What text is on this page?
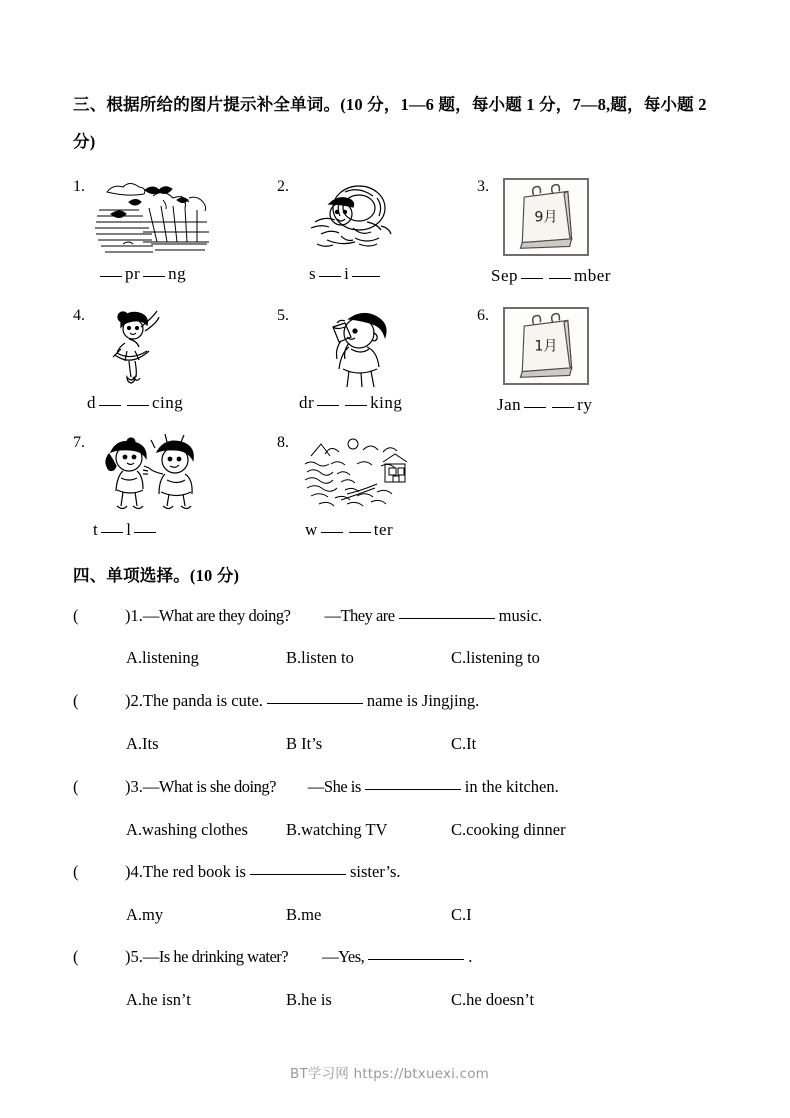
三、根据所给的图片提示补全单词。(10 分，1—6 题，每小题 1 分，7—8,题，每小题 2 分)
1.
pr ng
2.
s i
3.
9月
Sep	mber
4.
d	cing
5.
dr	king
6.
1月
Jan	ry
7.
t l
8.
w	ter
四、单项选择。(10 分)
(	)1.—What are they doing? —They are	music.
A.listening	B.listen to	C.listening to
(	)2.The panda is cute.	name is Jingjing.
A.Its	B It’s	C.It
(	)3.—What is she doing? —She is	in the kitchen.
A.washing clothes B.watching TV	C.cooking dinner
(	)4.The red book is	sister’s.
A.my	B.me	C.I
(	)5.—Is he drinking water? —Yes,	.
A.he isn’t	B.he is	C.he doesn’t
BT学习网 https://btxuexi.com
